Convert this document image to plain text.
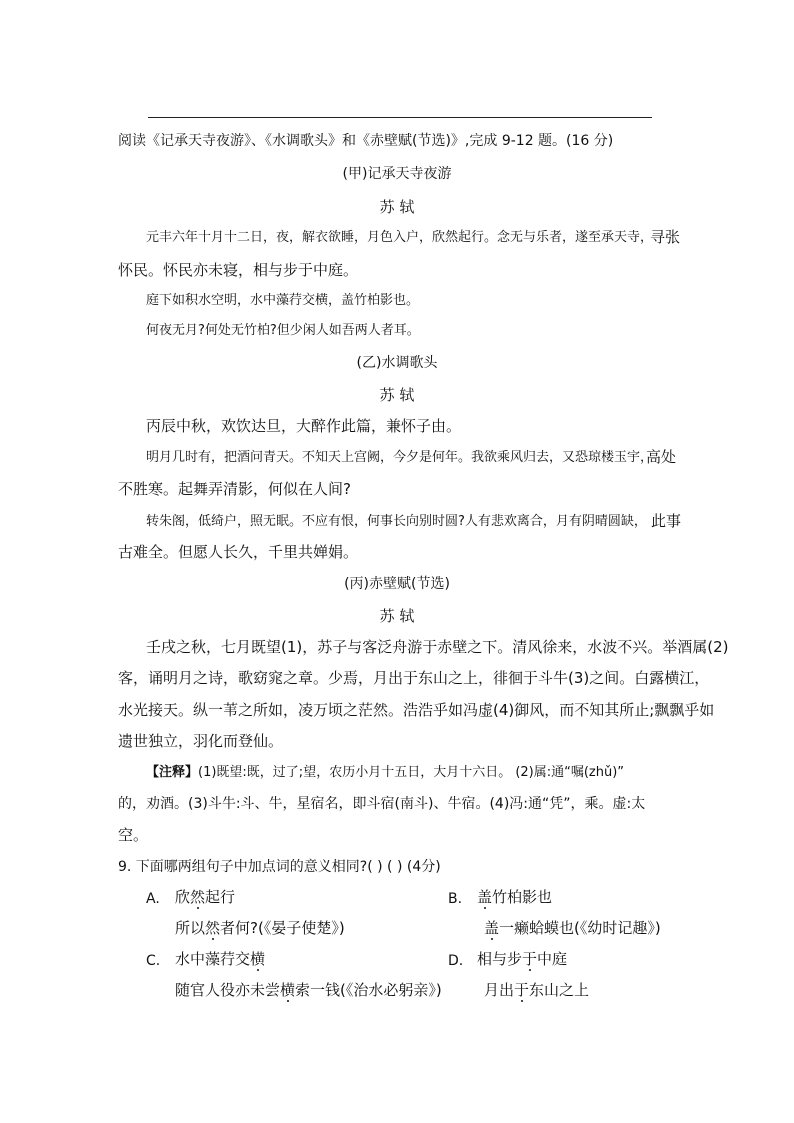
阅读《记承天寺夜游》、《水调歌头》和《赤壁赋(节选)》,完成 9-12 题。(16 分)
(甲)记承天寺夜游
苏 轼
元丰六年十月十二日，夜，解衣欲睡，月色入户，欣然起行。念无与乐者，遂至承天寺，
寻张
怀民。怀民亦未寝，相与步于中庭。
庭下如积水空明，水中藻荇交横，盖竹柏影也。
何夜无月?何处无竹柏?但少闲人如吾两人者耳。
(乙)水调歌头
苏 轼
丙辰中秋，欢饮达旦，大醉作此篇，兼怀子由。
明月几时有，把酒问青天。不知天上宫阙，今夕是何年。我欲乘风归去，又恐琼楼玉宇，
高处
不胜寒。起舞弄清影，何似在人间?
转朱阁，低绮户，照无眠。不应有恨，何事长向别时圆?人有悲欢离合，月有阴晴圆缺， 此事
古难全。但愿人长久，千里共婵娟。
(丙)赤壁赋(节选)
苏 轼
壬戌之秋，七月既望(1)，苏子与客泛舟游于赤壁之下。清风徐来，水波不兴。举酒属(2)
客，诵明月之诗，歌窈窕之章。少焉，月出于东山之上，徘徊于斗牛(3)之间。白露横江，
水光接天。纵一苇之所如，凌万顷之茫然。浩浩乎如冯虚(4)御风，而不知其所止;飘飘乎如
遗世独立，羽化而登仙。
【注释】(1)既望:既，过了;望，农历小月十五日，大月十六日。 (2)属:通“嘱(zhǔ)”
的，劝酒。(3)斗牛:斗、牛，星宿名，即斗宿(南斗)、牛宿。(4)冯:通“凭”，乘。虚:太
空。
9. 下面哪两组句子中加点词的意义相同?( ) ( ) (4分)
A. 欣然起行
所以然者何?(《晏子使楚》)
B. 盖竹柏影也
盖一癞蛤蟆也(《幼时记趣》)
C. 水中藻荇交横
随官人役亦未尝横索一钱(《治水必躬亲》)
D. 相与步于中庭
月出于东山之上
